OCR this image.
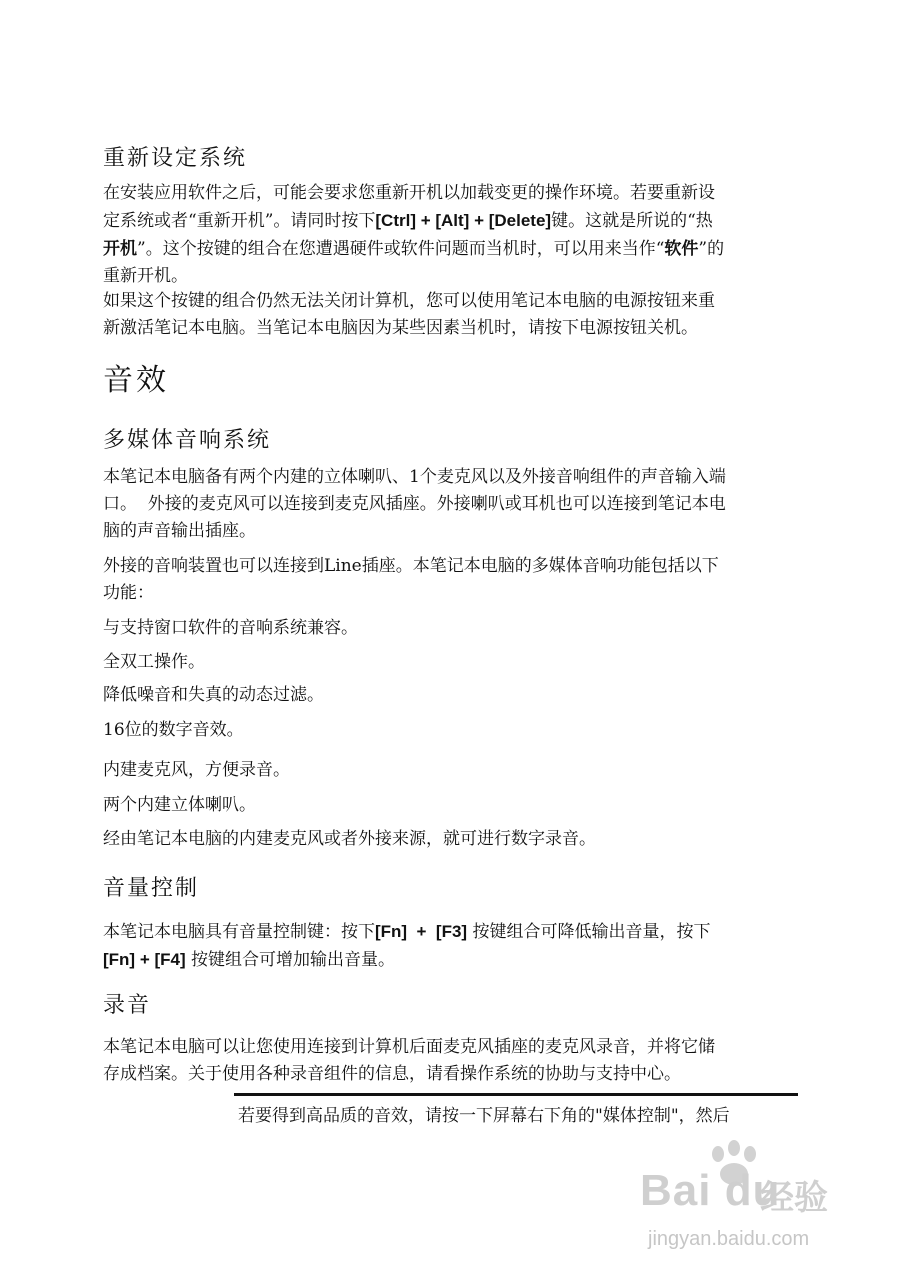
重新设定系统
在安装应用软件之后，可能会要求您重新开机以加载变更的操作环境。若要重新设
定系统或者“重新开机”。请同时按下[Ctrl] + [Alt] + [Delete]键。这就是所说的“热
开机”。这个按键的组合在您遭遇硬件或软件问题而当机时，可以用来当作“软件”的
重新开机。
如果这个按键的组合仍然无法关闭计算机，您可以使用笔记本电脑的电源按钮来重
新激活笔记本电脑。当笔记本电脑因为某些因素当机时，请按下电源按钮关机。
音效
多媒体音响系统
本笔记本电脑备有两个内建的立体喇叭、1个麦克风以及外接音响组件的声音输入端
口。  外接的麦克风可以连接到麦克风插座。外接喇叭或耳机也可以连接到笔记本电
脑的声音输出插座。
外接的音响装置也可以连接到Line插座。本笔记本电脑的多媒体音响功能包括以下
功能：
与支持窗口软件的音响系统兼容。
全双工操作。
降低噪音和失真的动态过滤。
16位的数字音效。
内建麦克风，方便录音。
两个内建立体喇叭。
经由笔记本电脑的内建麦克风或者外接来源，就可进行数字录音。
音量控制
本笔记本电脑具有音量控制键：按下[Fn]  +  [F3] 按键组合可降低输出音量，按下
[Fn] + [F4] 按键组合可增加输出音量。
录音
本笔记本电脑可以让您使用连接到计算机后面麦克风插座的麦克风录音，并将它储
存成档案。关于使用各种录音组件的信息，请看操作系统的协助与支持中心。
若要得到高品质的音效，请按一下屏幕右下角的"媒体控制"，然后
Bai du
经验
jingyan.baidu.com
